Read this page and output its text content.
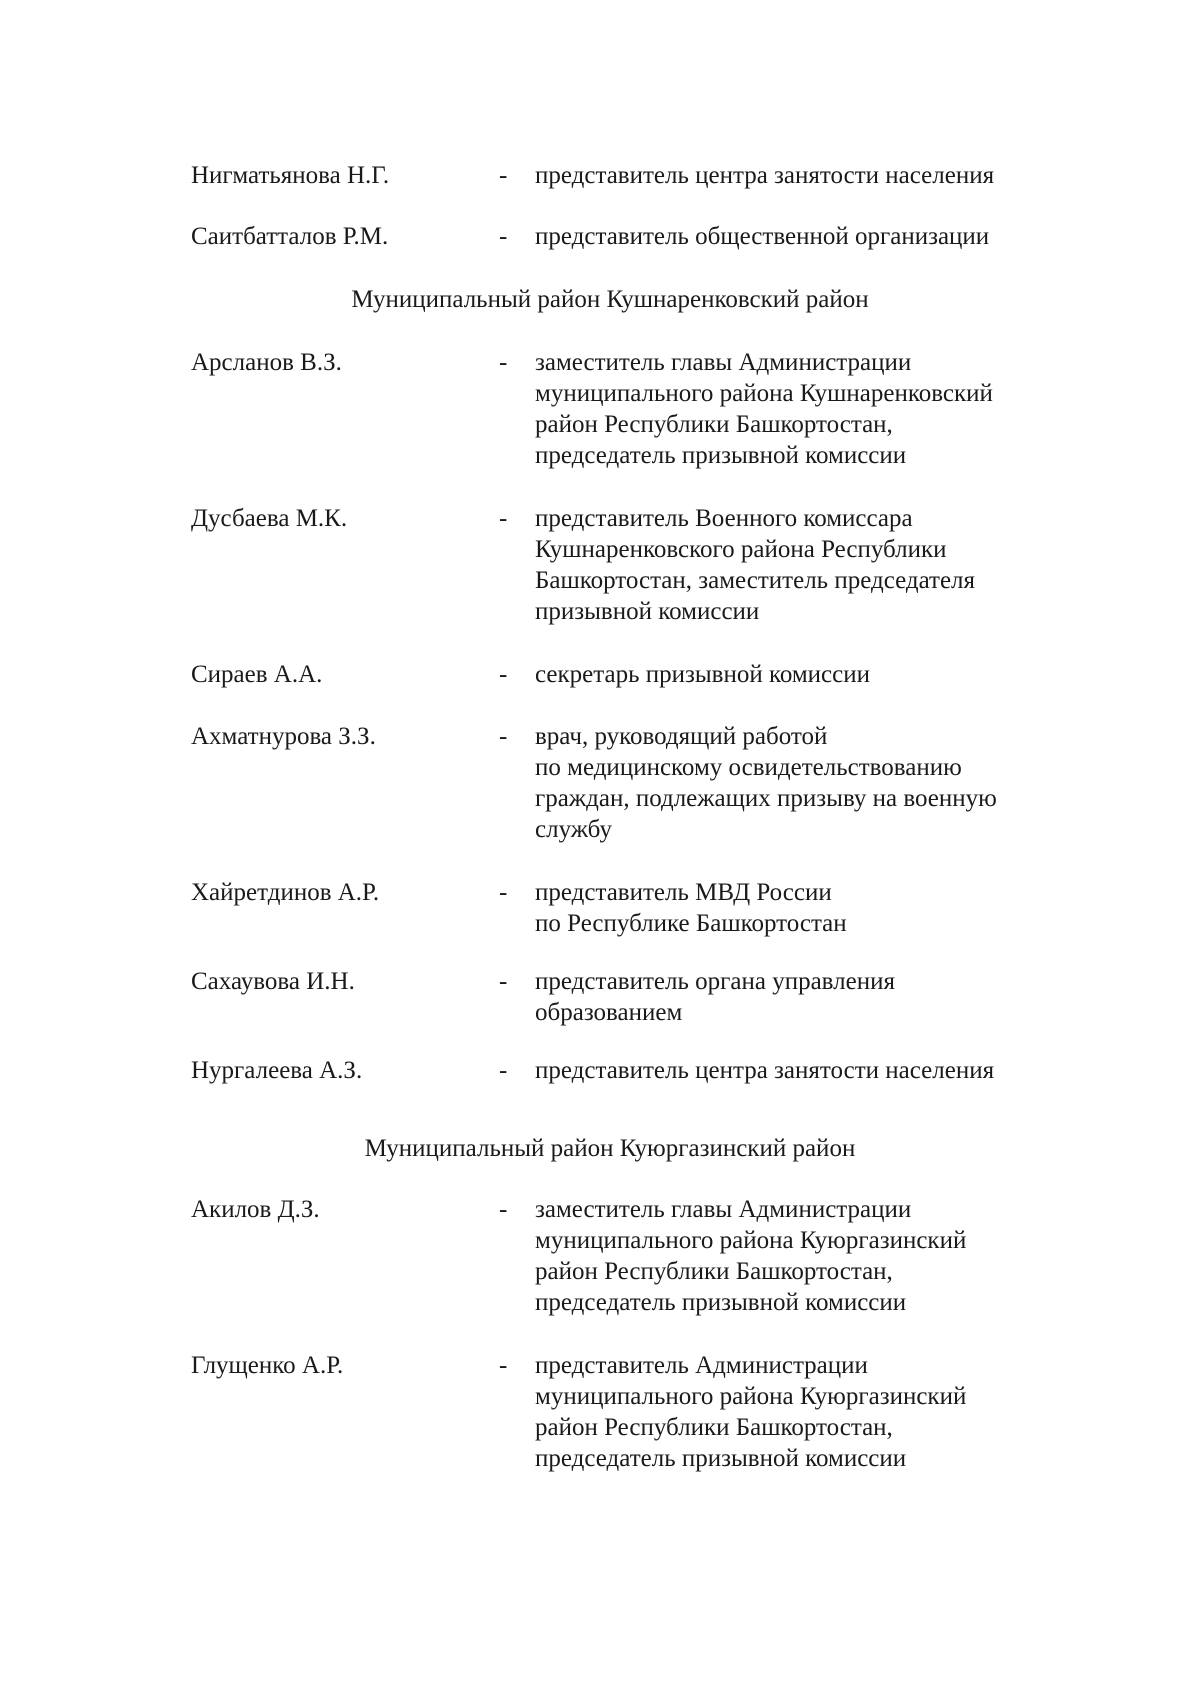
Нигматьянова Н.Г.	- представитель центра занятости населения
Саитбатталов Р.М.	- представитель общественной организации
Муниципальный район Кушнаренковский район
Арсланов В.З.	- заместитель главы Администрации
муниципального района Кушнаренковский
район Республики Башкортостан,
председатель призывной комиссии
Дусбаева М.К.	- представитель Военного комиссара
Кушнаренковского района Республики
Башкортостан, заместитель председателя
призывной комиссии
Сираев А.А.	- секретарь призывной комиссии
Ахматнурова З.З.	- врач, руководящий работой
по медицинскому освидетельствованию
граждан, подлежащих призыву на военную
службу
Хайретдинов А.Р.	- представитель МВД России
по Республике Башкортостан
Сахаувова И.Н.	- представитель органа управления
образованием
Нургалеева А.З.	- представитель центра занятости населения
Муниципальный район Куюргазинский район
Акилов Д.З.	- заместитель главы Администрации
муниципального района Куюргазинский
район Республики Башкортостан,
председатель призывной комиссии
Глущенко А.Р.	- представитель Администрации
муниципального района Куюргазинский
район Республики Башкортостан,
председатель призывной комиссии
